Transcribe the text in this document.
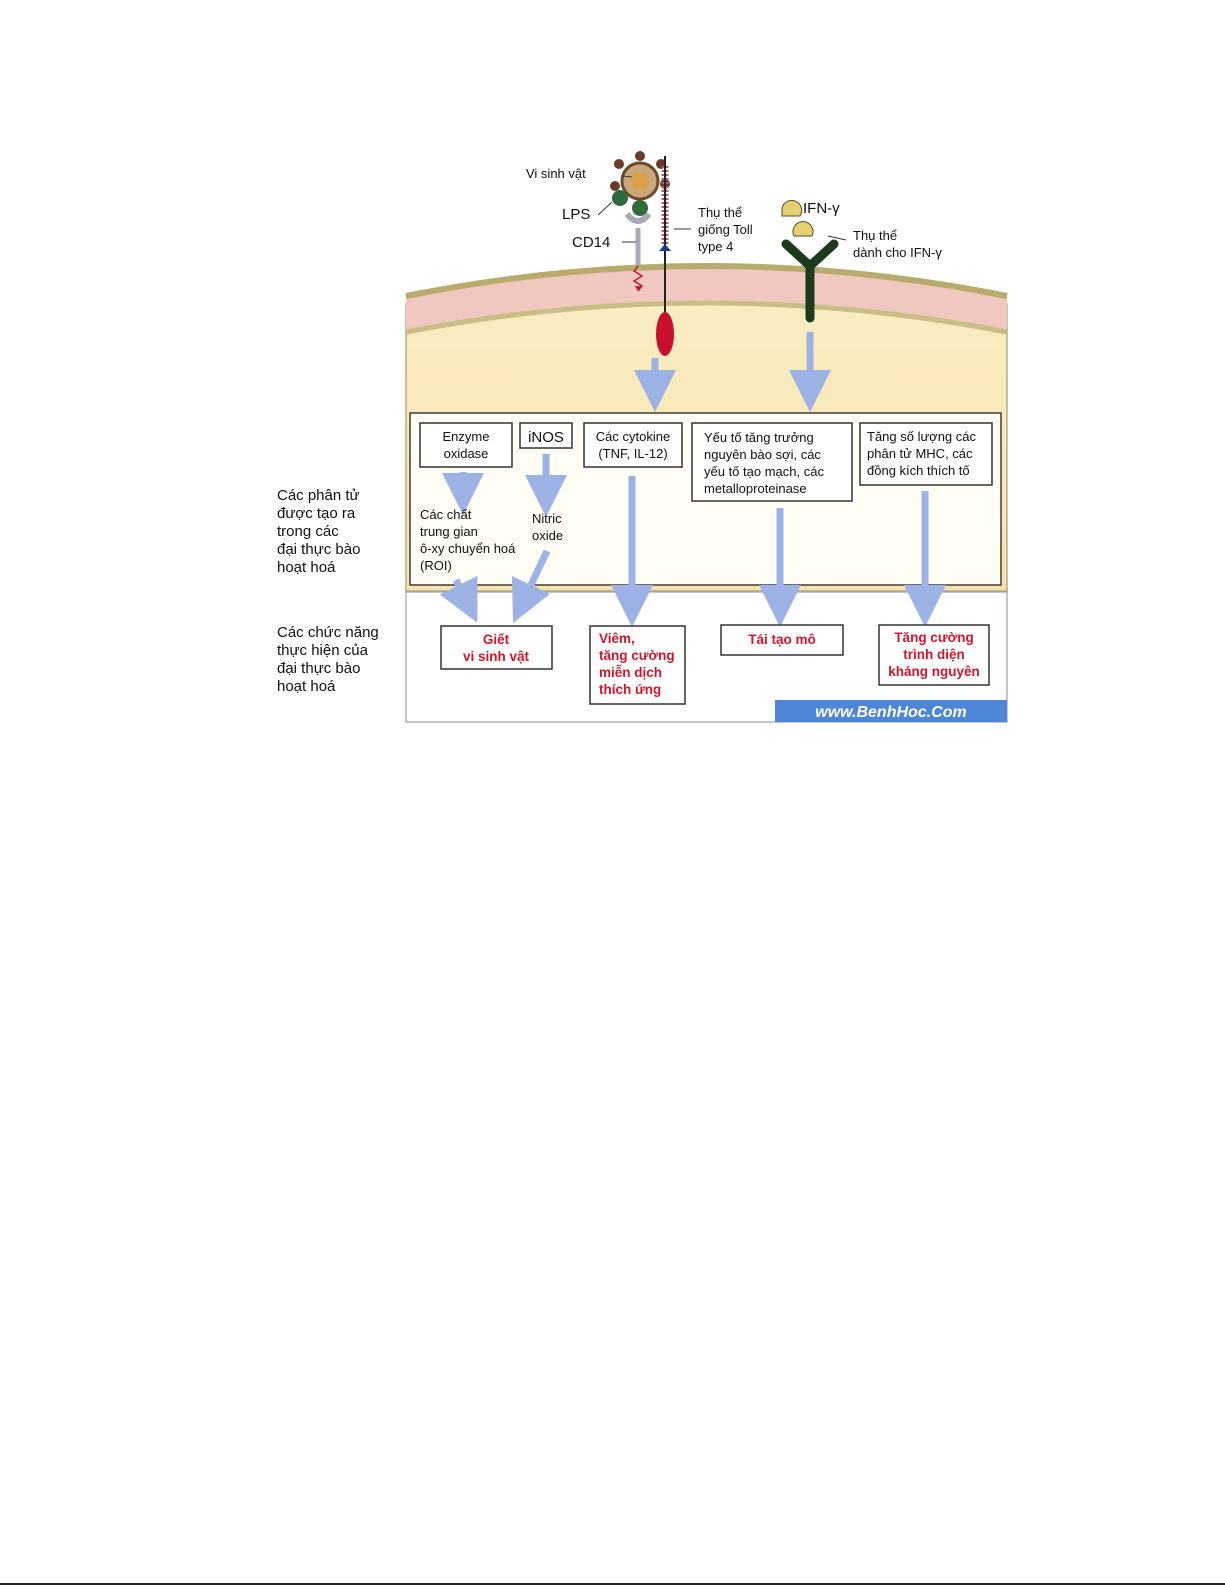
Vi sinh vật
LPS
CD14
Thụ thể
giống Toll
type 4
IFN-γ
Thụ thể
dành cho IFN-γ
Enzyme
oxidase
iNOS Các cytokine
(TNF, IL-12)
Yếu tố tăng trưởng
nguyên bào sợi, các
yếu tố tạo mạch, các
metalloproteinase
Tăng số lượng các
phân tử MHC, các
đồng kích thích tố
Các chất
trung gian
ô-xy chuyển hoá
(ROI)
Nitric
oxide
Giết
vi sinh vật
Viêm,
tăng cường
miễn dịch
thích ứng
Tái tạo mô	Tăng cường
trình diện
kháng nguyên
Các phân tử
được tạo ra
trong các
đại thực bào
hoạt hoá
Các chức năng
thực hiện của
đại thực bào
hoạt hoá
www.BenhHoc.Com
